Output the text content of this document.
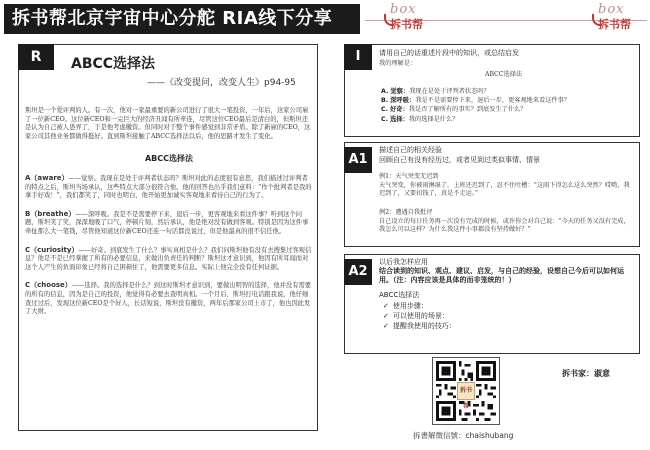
拆书帮北京宇宙中心分舵 RIA线下分享	box
拆书帮
box
拆书帮
R	ABCC选择法
——《改变提问，改变人生》p94-95

斯坦是一个爱评判的人。有一次，他对一家最重要的新公司进行了很大一笔投资，一年后，这家公司雇了一位新CEO。这位新CEO和一完巨大的经济丑闻有所牵连，尽管这位CEO最后是清白的，但斯坦还是认为自己被人愚弄了，于是他考虑撤资。但同时对于整个事件感觉到非常矛盾。除了新雇的CEO，这家公司其他业务都做得挺好。直到斯坦接触了ABCC选择法以后，他的思路才发生了变化。

ABCC选择法
A（aware）——觉察。我现在是处于评判者状态吗？斯坦对此的态度很有意思，我们描述过评判者的特点之后，斯坦当场承认，这些特点大部分很符合他。他的回答也出乎我们意料：“作个批判者是我的拿手好戏！”，我们都笑了，同时也明白，他开始更加诚实客观地来看待自己的行为了。
B（breathe）——深呼吸。我是不是需要停下来，退后一步，更客观地来看这件事？听到这个问题，斯坦笑了笑，深深地吸了口气，停顿片刻，然后承认，他是绝对没有做到客观。特别是因为这件事牵扯那么大一笔钱，尽管他知道这位新CEO还连一句话都没说过，但是他最真的很不信任他。
C（curiosity）——好奇。到底发生了什么？事实真相是什么？我们问斯坦他有没有去搜集过客观信息？他是不是已经掌握了所有的必要信息，来做出负责任的判断？斯坦这才意识到，他因有所耳闻而对这个人产生的负面印象已经将自己困顿住了，他需要更多信息。实际上他完全没有任何证据。
C（choose）——选择。我的选择是什么？到这时斯坦才意识到，要做出明智的选择，他并没有需要的所有的信息，因为是自己的投资，他觉得有必要去查明真相。一个月后，斯坦打电话跟我说，他仔细查过过后，发现这位新CEO是个好人，长话短说，斯坦没有撤资，两年后那家公司上市了，他也因此发了大财。
I	请用自己的话重述片段中的知识，或总结启发
我的理解是：
ABCC选择法
A. 觉察：我现在是处于评判者状态吗？
B. 深呼吸：我是不是需要停下来，退后一步，更客观地来看这件事？
C. 好奇：我是否了解所有的事实？到底发生了什么？
C. 选择：我的选择是什么？
A1
描述自己的相关经验
回顾自己有没有经历过，或者见到过类似事情、情景
例1：天气突变无迟到
天气突变，你被雨淋湿了，上班还迟到了，忍不住吐槽：“这雨下得怎么这么突然？哎哟，我迟到了，又要扣钱了，真是不走运。”
例2：遭遇自我批评
自己设立的每日任务再一次没有完成的时候，或许你会对自己说：“今天的任务又没有完成，我怎么可以这样？为什么我这件小事都没有坚持做好？”
A2
以后我怎样应用
结合读到的知识、观点、建议、启发，与自己的经验，设想自己今后可以如何运用。（注：内容应该是具体的而非笼统的！）
ABCC选择法
✓ 使用步骤：
✓ 可以使用的场景：
✓ 提醒我使用的技巧：
拆书帮
拆書解微信號：chaishubang
拆书家：淑意
